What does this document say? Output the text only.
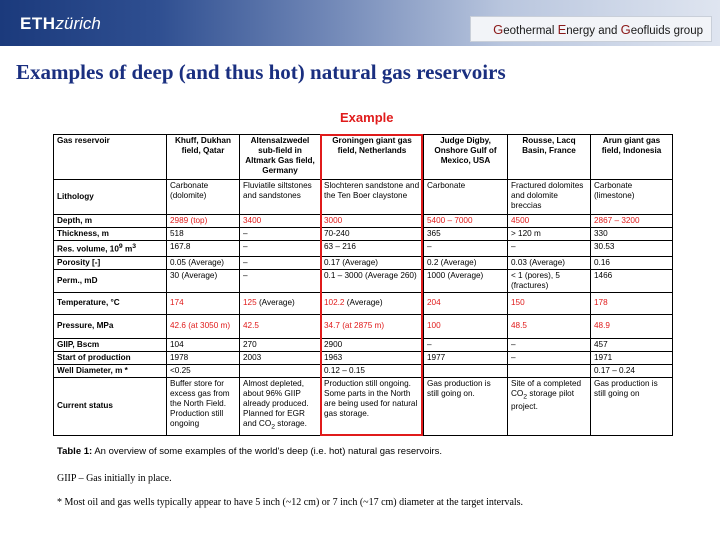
ETHzürich	Geothermal Energy and Geofluids group
Examples of deep (and thus hot) natural gas reservoirs
Example
Gas reservoir	Khuff, Dukhan field, Qatar	Altensalzwedel sub-field in Altmark Gas field, Germany	Groningen giant gas field, Netherlands	Judge Digby, Onshore Gulf of Mexico, USA	Rousse, Lacq Basin, France	Arun giant gas field, Indonesia
Lithology	Carbonate (dolomite)	Fluviatile siltstones and sandstones	Slochteren sandstone and the Ten Boer claystone	Carbonate	Fractured dolomites and dolomite breccias	Carbonate (limestone)
Depth, m	2989 (top)	3400	3000	5400 – 7000	4500	2867 – 3200
Thickness, m	518	–	70-240	365	> 120 m	330
Res. volume, $10^9$ $m^3$	167.8	–	63 – 216	–	–	30.53
Porosity [-]	0.05 (Average)	–	0.17 (Average)	0.2 (Average)	0.03 (Average)	0.16
Perm., mD	30 (Average)	–	0.1 – 3000 (Average 260)	1000 (Average)	< 1 (pores), 5 (fractures)	1466
Temperature, °C	174	125 (Average)	102.2 (Average)	204	150	178
Pressure, MPa	42.6 (at 3050 m)	42.5	34.7 (at 2875 m)	100	48.5	48.9
GIIP, Bscm	104	270	2900	–	–	457
Start of production	1978	2003	1963	1977	–	1971
Well Diameter, m *	<0.25		0.12 – 0.15			0.17 – 0.24
Current status	Buffer store for excess gas from the North Field. Production still ongoing	Almost depleted, about 96% GIIP already produced. Planned for EGR and $CO_2$ storage.	Production still ongoing. Some parts in the North are being used for natural gas storage.	Gas production is still going on.	Site of a completed $CO_2$ storage pilot project.	Gas production is still going on
Table 1: An overview of some examples of the world's deep (i.e. hot) natural gas reservoirs.
GIIP – Gas initially in place.
* Most oil and gas wells typically appear to have 5 inch (~12 cm) or 7 inch (~17 cm) diameter at the target intervals.
